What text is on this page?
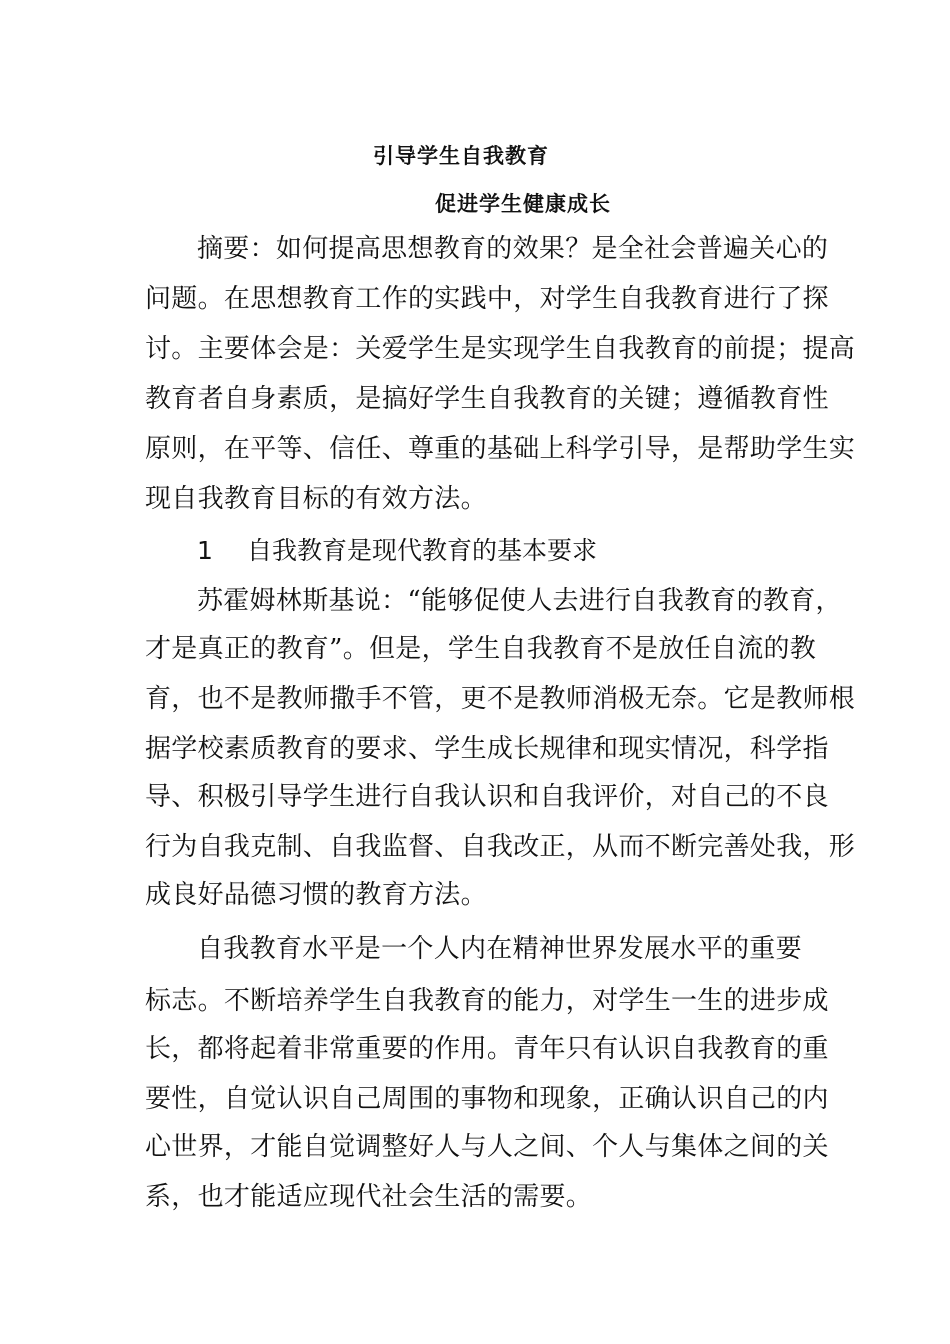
引导学生自我教育
促进学生健康成长
摘要：如何提高思想教育的效果？是全社会普遍关心的
问题。在思想教育工作的实践中，对学生自我教育进行了探
讨。主要体会是：关爱学生是实现学生自我教育的前提；提高
教育者自身素质，是搞好学生自我教育的关键；遵循教育性
原则，在平等、信任、尊重的基础上科学引导，是帮助学生实
现自我教育目标的有效方法。
1 自我教育是现代教育的基本要求
苏霍姆林斯基说：“能够促使人去进行自我教育的教育，
才是真正的教育”。但是，学生自我教育不是放任自流的教
育，也不是教师撒手不管，更不是教师消极无奈。它是教师根
据学校素质教育的要求、学生成长规律和现实情况，科学指
导、积极引导学生进行自我认识和自我评价，对自己的不良
行为自我克制、自我监督、自我改正，从而不断完善处我，形
成良好品德习惯的教育方法。
自我教育水平是一个人内在精神世界发展水平的重要
标志。不断培养学生自我教育的能力，对学生一生的进步成
长，都将起着非常重要的作用。青年只有认识自我教育的重
要性，自觉认识自己周围的事物和现象，正确认识自己的内
心世界，才能自觉调整好人与人之间、个人与集体之间的关
系，也才能适应现代社会生活的需要。
